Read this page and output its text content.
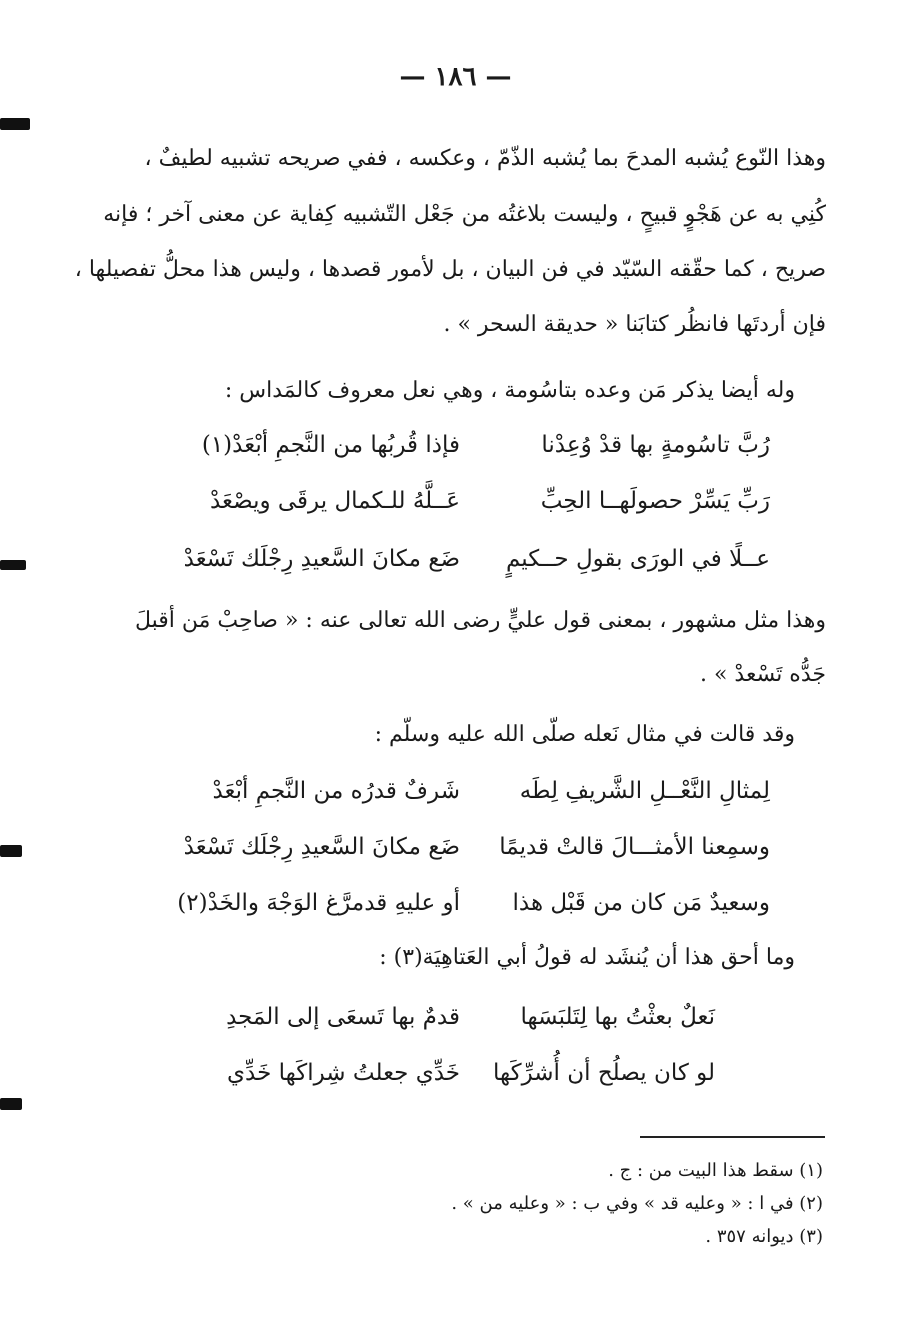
— ١٨٦ —
وهذا النّوع يُشبه المدحَ بما يُشبه الذّمّ ، وعكسه ، ففي صريحه تشبيه لطيفٌ ،
كُنِي به عن هَجْوٍ قبيحٍ ، وليست بلاغتُه من جَعْل التّشبيه كِفاية عن معنى آخر ؛ فإنه
صريح ، كما حقّقه السّيّد في فن البيان ، بل لأمور قصدها ، وليس هذا محلُّ تفصيلها ،
فإن أردتَها فانظُر كتابَنا « حديقة السحر » .
وله أيضا يذكر مَن وعده بتاسُومة ، وهي نعل معروف كالمَداس :
رُبَّ تاسُومةٍ بها قدْ وُعِدْنا
فإذا قُربُها من النَّجمِ أبْعَدْ(١)
رَبِّ يَسِّرْ حصولَهــا الحِبِّ
عَــلَّهُ للـكمال يرقَى ويصْعَدْ
عــلًا في الورَى بقولِ حــكيمٍ
ضَع مكانَ السَّعيدِ رِجْلَك تَسْعَدْ
وهذا مثل مشهور ، بمعنى قول عليٍّ رضى الله تعالى عنه : « صاحِبْ مَن أقبلَ
جَدُّه تَسْعدْ » .
وقد قالت في مثال نَعله صلّى الله عليه وسلّم :
لِمثالِ النَّعْــلِ الشَّريفِ لِطَه
شَرفٌ قدرُه من النَّجمِ أبْعَدْ
وسمِعنا الأمثـــالَ قالتْ قديمًا
ضَع مكانَ السَّعيدِ رِجْلَك تَسْعَدْ
وسعيدٌ مَن كان من قَبْل هذا
أو عليهِ قدمرَّغ الوَجْهَ والخَدْ(٢)
وما أحق هذا أن يُنشَد له قولُ أبي العَتاهِيَة(٣) :
نَعلٌ بعثْتُ بها لِتَلبَسَها
قدمٌ بها تَسعَى إلى المَجدِ
لو كان يصلُح أن أُشرِّكَها
خَدِّي جعلتُ شِراكَها خَدِّي
(١) سقط هذا البيت من : ج .
(٢) في ا : « وعليه قد » وفي ب : « وعليه من » .
(٣) ديوانه ٣٥٧ .
